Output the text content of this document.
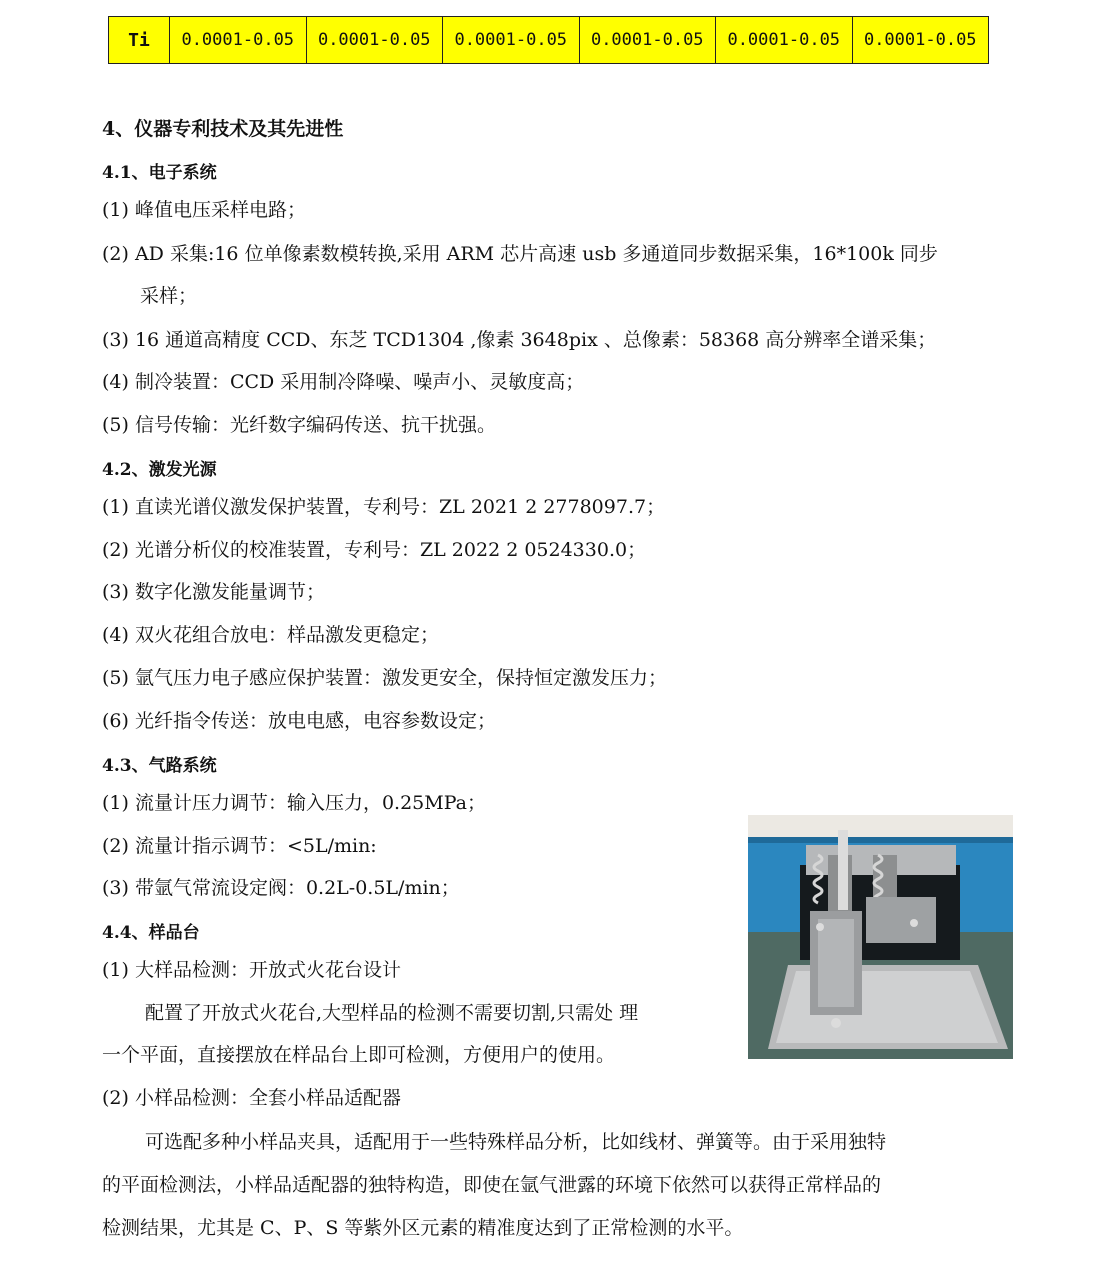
Ti	0.0001-0.05	0.0001-0.05	0.0001-0.05	0.0001-0.05	0.0001-0.05	0.0001-0.05
4、仪器专利技术及其先进性
4.1、电子系统
(1) 峰值电压采样电路；
(2) AD 采集:16 位单像素数模转换,采用 ARM 芯片高速 usb 多通道同步数据采集，16*100k 同步
采样；
(3) 16 通道高精度 CCD、东芝 TCD1304 ,像素 3648pix 、总像素：58368 高分辨率全谱采集；
(4) 制冷装置：CCD 采用制冷降噪、噪声小、灵敏度高；
(5) 信号传输：光纤数字编码传送、抗干扰强。
4.2、激发光源
(1) 直读光谱仪激发保护装置，专利号：ZL 2021 2 2778097.7；
(2) 光谱分析仪的校准装置，专利号：ZL 2022 2 0524330.0；
(3) 数字化激发能量调节；
(4) 双火花组合放电：样品激发更稳定；
(5) 氩气压力电子感应保护装置：激发更安全，保持恒定激发压力；
(6) 光纤指令传送：放电电感，电容参数设定；
4.3、气路系统
(1) 流量计压力调节：输入压力，0.25MPa；
(2) 流量计指示调节：<5L/min:
(3) 带氩气常流设定阀：0.2L-0.5L/min；
4.4、样品台
(1) 大样品检测：开放式火花台设计
配置了开放式火花台,大型样品的检测不需要切割,只需处 理
一个平面，直接摆放在样品台上即可检测，方便用户的使用。
(2) 小样品检测：全套小样品适配器
可选配多种小样品夹具，适配用于一些特殊样品分析，比如线材、弹簧等。由于采用独特
的平面检测法，小样品适配器的独特构造，即使在氩气泄露的环境下依然可以获得正常样品的
检测结果，尤其是 C、P、S 等紫外区元素的精准度达到了正常检测的水平。
